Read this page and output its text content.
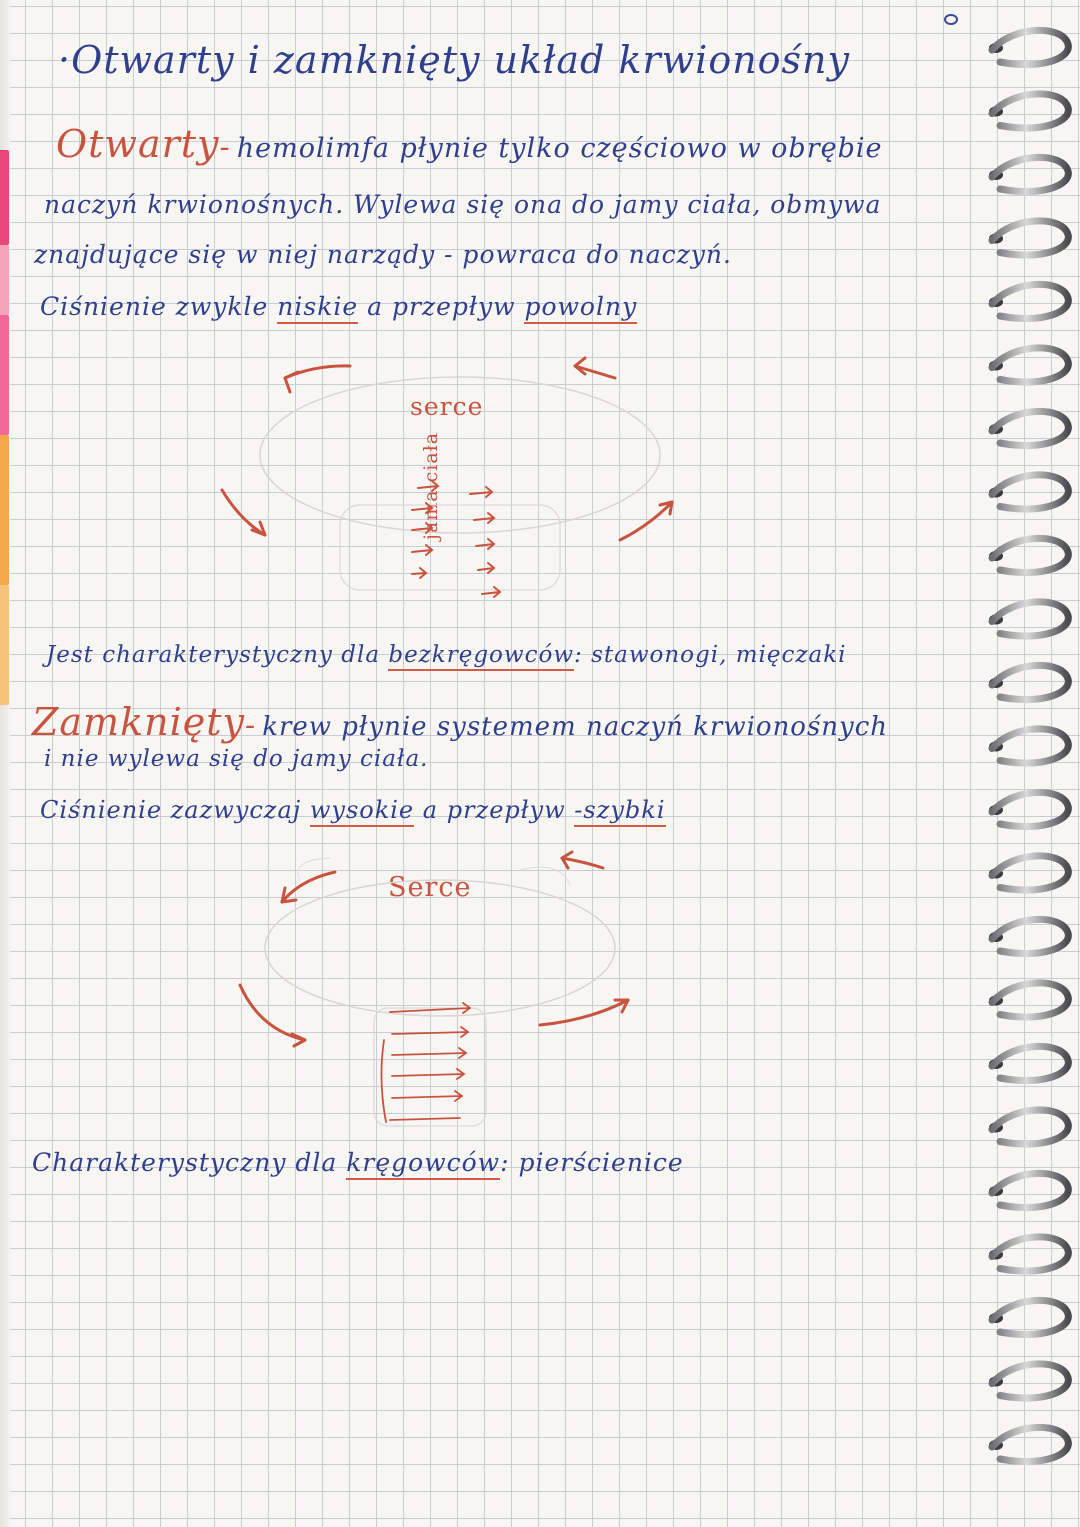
·Otwarty i zamknięty układ krwionośny
Otwarty- hemolimfa płynie tylko częściowo w obrębie
naczyń krwionośnych. Wylewa się ona do jamy ciała, obmywa
znajdujące się w niej narządy - powraca do naczyń.
Ciśnienie zwykle niskie a przepływ powolny
serce
jama ciała
Jest charakterystyczny dla bezkręgowców: stawonogi, mięczaki
Zamknięty- krew płynie systemem naczyń krwionośnych
i nie wylewa się do jamy ciała.
Ciśnienie zazwyczaj wysokie a przepływ -szybki
Serce
Charakterystyczny dla kręgowców: pierścienice
